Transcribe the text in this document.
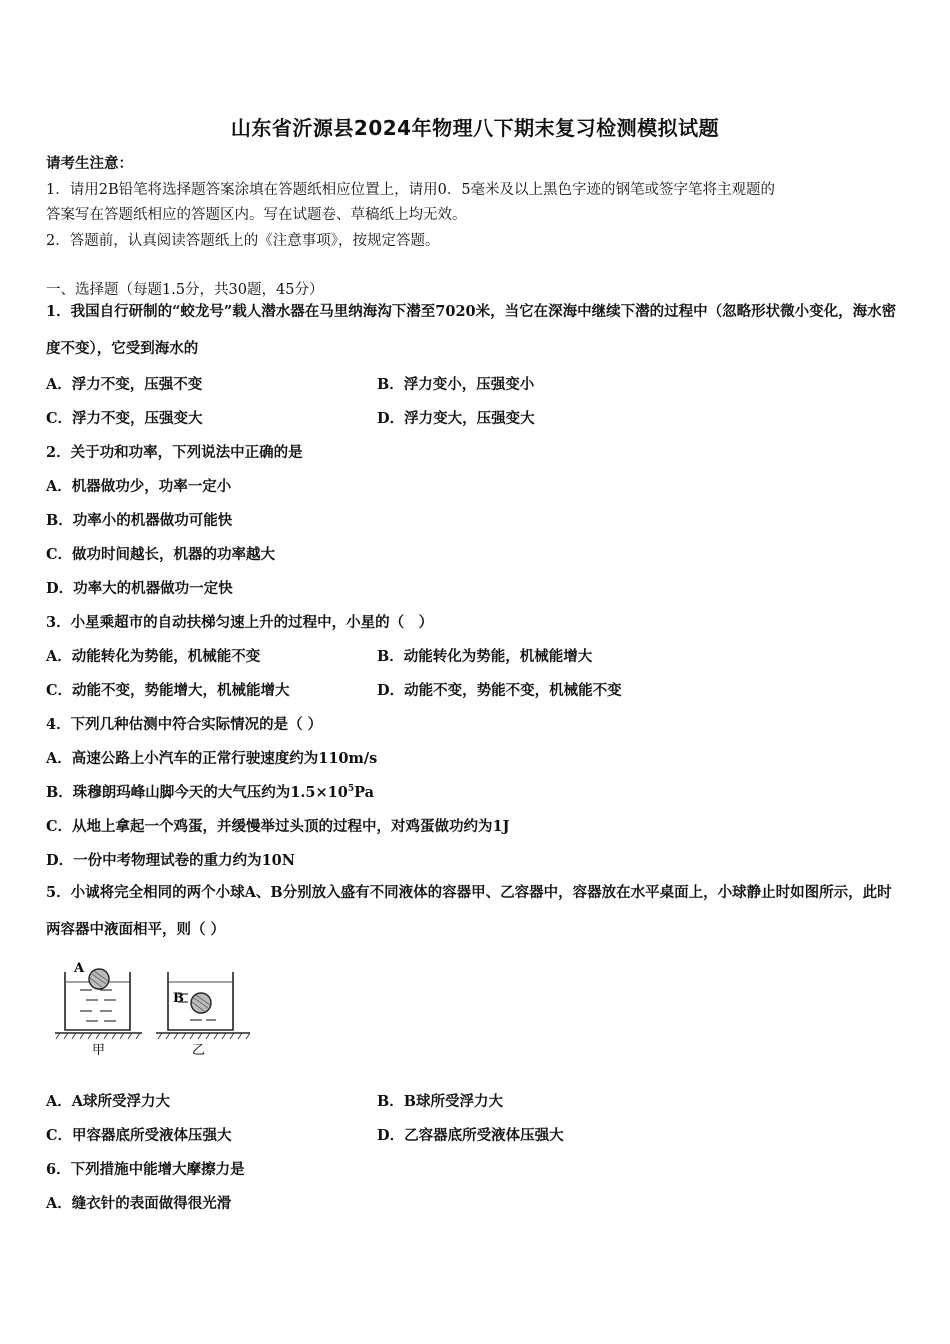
山东省沂源县2024年物理八下期末复习检测模拟试题
请考生注意：
1．请用2B铅笔将选择题答案涂填在答题纸相应位置上，请用0．5毫米及以上黑色字迹的钢笔或签字笔将主观题的
答案写在答题纸相应的答题区内。写在试题卷、草稿纸上均无效。
2．答题前，认真阅读答题纸上的《注意事项》，按规定答题。
一、选择题（每题1.5分，共30题，45分）
1．我国自行研制的“蛟龙号”载人潜水器在马里纳海沟下潜至7020米，当它在深海中继续下潜的过程中（忽略形状微小变化，海水密度不变），它受到海水的
A．浮力不变，压强不变	B．浮力变小，压强变小
C．浮力不变，压强变大	D．浮力变大，压强变大
2．关于功和功率，下列说法中正确的是
A．机器做功少，功率一定小
B．功率小的机器做功可能快
C．做功时间越长，机器的功率越大
D．功率大的机器做功一定快
3．小星乘超市的自动扶梯匀速上升的过程中，小星的（　）
A．动能转化为势能，机械能不变	B．动能转化为势能，机械能增大
C．动能不变，势能增大，机械能增大	D．动能不变，势能不变，机械能不变
4．下列几种估测中符合实际情况的是（ ）
A．高速公路上小汽车的正常行驶速度约为110m/s
B．珠穆朗玛峰山脚今天的大气压约为$1.5\times 10^5Pa$
C．从地上拿起一个鸡蛋，并缓慢举过头顶的过程中，对鸡蛋做功约为1J
D．一份中考物理试卷的重力约为10N
5．小诚将完全相同的两个小球A、B分别放入盛有不同液体的容器甲、乙容器中，容器放在水平桌面上，小球静止时如图所示，此时两容器中液面相平，则（ ）
A
甲
B
乙
A．A球所受浮力大	B．B球所受浮力大
C．甲容器底所受液体压强大	D．乙容器底所受液体压强大
6．下列措施中能增大摩擦力是
A．缝衣针的表面做得很光滑
